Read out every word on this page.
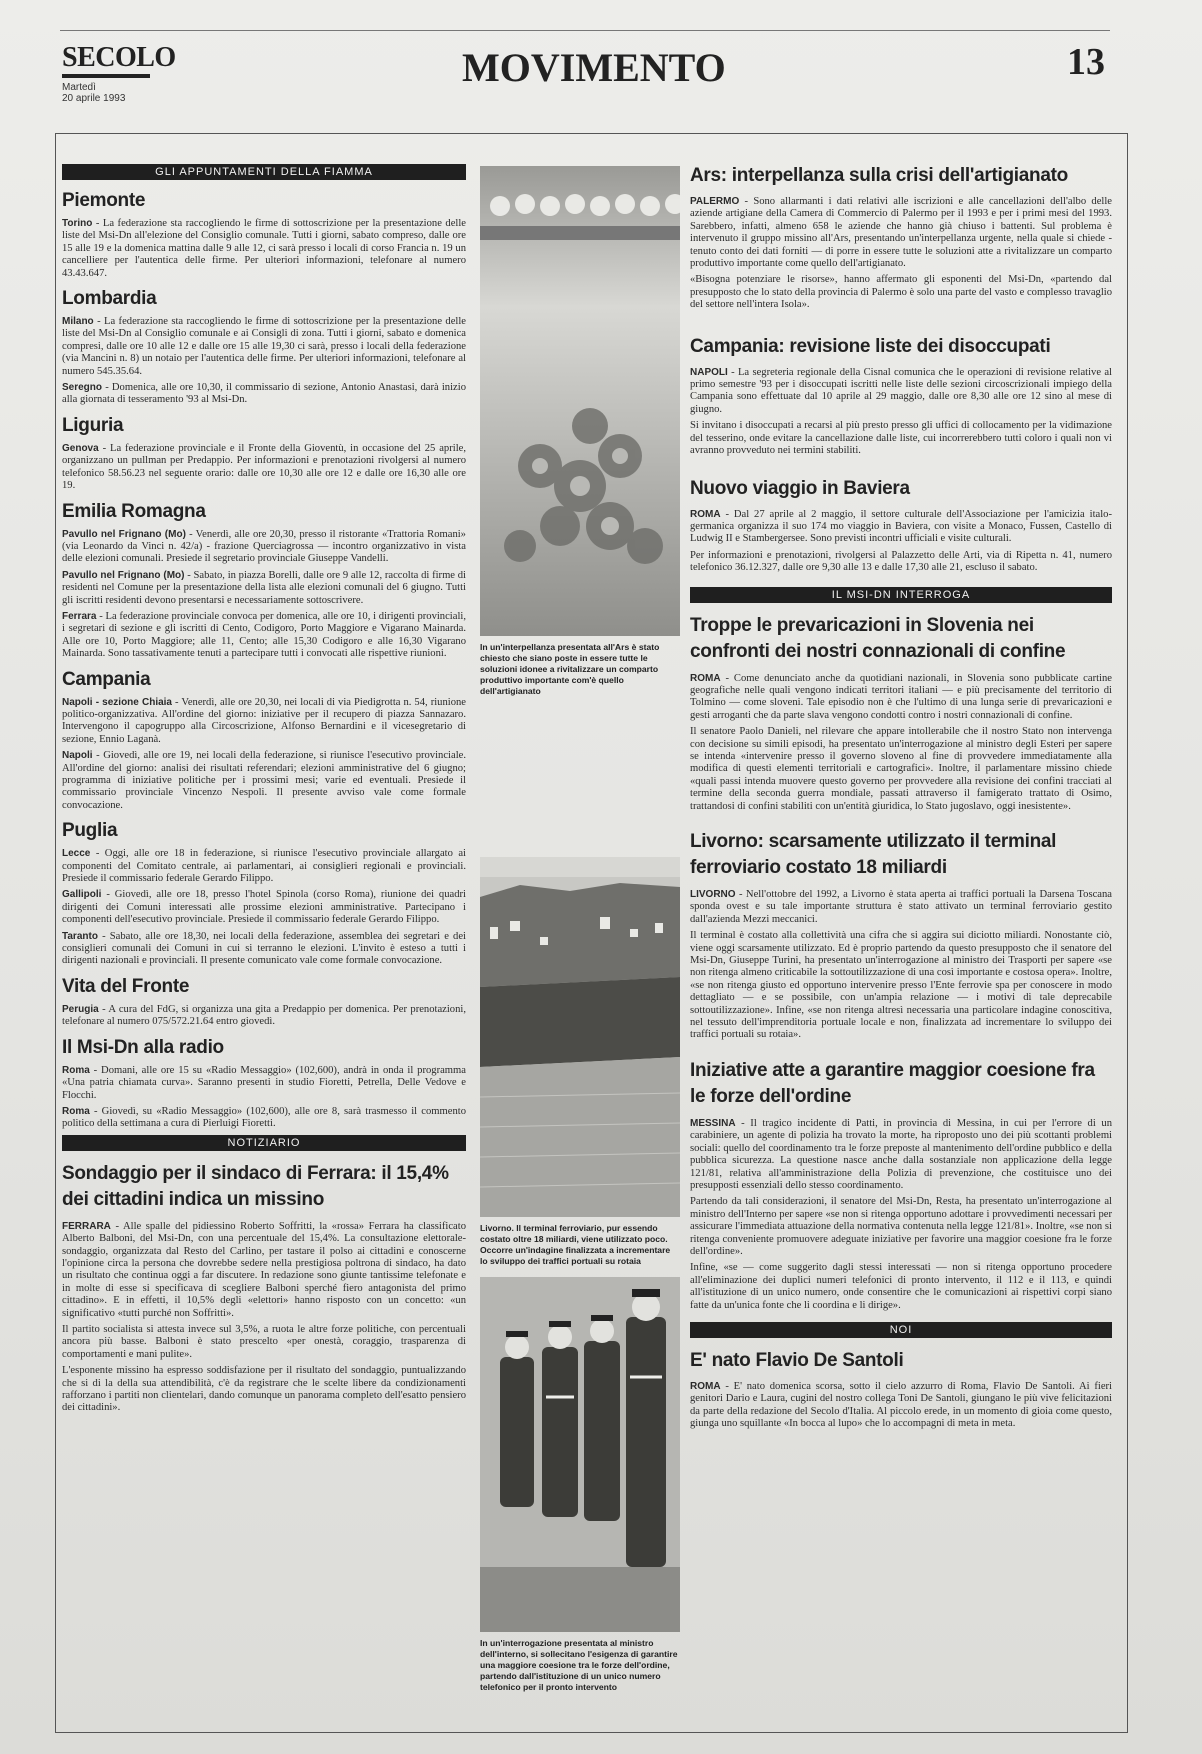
SECOLO
Martedì
20 aprile 1993
MOVIMENTO	13
GLI APPUNTAMENTI DELLA FIAMMA
Piemonte

Torino - La federazione sta raccogliendo le firme di sottoscrizione per la presentazione delle liste del Msi-Dn all'elezione del Consiglio comunale. Tutti i giorni, sabato compreso, dalle ore 15 alle 19 e la domenica mattina dalle 9 alle 12, ci sarà presso i locali di corso Francia n. 19 un cancelliere per l'autentica delle firme. Per ulteriori informazioni, telefonare al numero 43.43.647.

Lombardia

Milano - La federazione sta raccogliendo le firme di sottoscrizione per la presentazione delle liste del Msi-Dn al Consiglio comunale e ai Consigli di zona. Tutti i giorni, sabato e domenica compresi, dalle ore 10 alle 12 e dalle ore 15 alle 19,30 ci sarà, presso i locali della federazione (via Mancini n. 8) un notaio per l'autentica delle firme. Per ulteriori informazioni, telefonare al numero 545.35.64.

Seregno - Domenica, alle ore 10,30, il commissario di sezione, Antonio Anastasi, darà inizio alla giornata di tesseramento '93 al Msi-Dn.

Liguria

Genova - La federazione provinciale e il Fronte della Gioventù, in occasione del 25 aprile, organizzano un pullman per Predappio. Per informazioni e prenotazioni rivolgersi al numero telefonico 58.56.23 nel seguente orario: dalle ore 10,30 alle ore 12 e dalle ore 16,30 alle ore 19.

Emilia Romagna

Pavullo nel Frignano (Mo) - Venerdì, alle ore 20,30, presso il ristorante «Trattoria Romani» (via Leonardo da Vinci n. 42/a) - frazione Querciagrossa — incontro organizzativo in vista delle elezioni comunali. Presiede il segretario provinciale Giuseppe Vandelli.

Pavullo nel Frignano (Mo) - Sabato, in piazza Borelli, dalle ore 9 alle 12, raccolta di firme di residenti nel Comune per la presentazione della lista alle elezioni comunali del 6 giugno. Tutti gli iscritti residenti devono presentarsi e necessariamente sottoscrivere.

Ferrara - La federazione provinciale convoca per domenica, alle ore 10, i dirigenti provinciali, i segretari di sezione e gli iscritti di Cento, Codigoro, Porto Maggiore e Vigarano Mainarda. Alle ore 10, Porto Maggiore; alle 11, Cento; alle 15,30 Codigoro e alle 16,30 Vigarano Mainarda. Sono tassativamente tenuti a partecipare tutti i convocati alle rispettive riunioni.

Campania

Napoli - sezione Chiaia - Venerdì, alle ore 20,30, nei locali di via Piedigrotta n. 54, riunione politico-organizzativa. All'ordine del giorno: iniziative per il recupero di piazza Sannazaro. Intervengono il capogruppo alla Circoscrizione, Alfonso Bernardini e il vicesegretario di sezione, Ennio Laganà.

Napoli - Giovedì, alle ore 19, nei locali della federazione, si riunisce l'esecutivo provinciale. All'ordine del giorno: analisi dei risultati referendari; elezioni amministrative del 6 giugno; programma di iniziative politiche per i prossimi mesi; varie ed eventuali. Presiede il commissario provinciale Vincenzo Nespoli. Il presente avviso vale come formale convocazione.

Puglia

Lecce - Oggi, alle ore 18 in federazione, si riunisce l'esecutivo provinciale allargato ai componenti del Comitato centrale, ai parlamentari, ai consiglieri regionali e provinciali. Presiede il commissario federale Gerardo Filippo.

Gallipoli - Giovedì, alle ore 18, presso l'hotel Spinola (corso Roma), riunione dei quadri dirigenti dei Comuni interessati alle prossime elezioni amministrative. Partecipano i componenti dell'esecutivo provinciale. Presiede il commissario federale Gerardo Filippo.

Taranto - Sabato, alle ore 18,30, nei locali della federazione, assemblea dei segretari e dei consiglieri comunali dei Comuni in cui si terranno le elezioni. L'invito è esteso a tutti i dirigenti nazionali e provinciali. Il presente comunicato vale come formale convocazione.

Vita del Fronte

Perugia - A cura del FdG, si organizza una gita a Predappio per domenica. Per prenotazioni, telefonare al numero 075/572.21.64 entro giovedì.

Il Msi-Dn alla radio

Roma - Domani, alle ore 15 su «Radio Messaggio» (102,600), andrà in onda il programma «Una patria chiamata curva». Saranno presenti in studio Fioretti, Petrella, Delle Vedove e Flocchi.

Roma - Giovedì, su «Radio Messaggio» (102,600), alle ore 8, sarà trasmesso il commento politico della settimana a cura di Pierluigi Fioretti.

NOTIZIARIO
Sondaggio per il sindaco di Ferrara: il 15,4% dei cittadini indica un missino

FERRARA - Alle spalle del pidiessino Roberto Soffritti, la «rossa» Ferrara ha classificato Alberto Balboni, del Msi-Dn, con una percentuale del 15,4%. La consultazione elettorale-sondaggio, organizzata dal Resto del Carlino, per tastare il polso ai cittadini e conoscerne l'opinione circa la persona che dovrebbe sedere nella prestigiosa poltrona di sindaco, ha dato un risultato che continua oggi a far discutere. In redazione sono giunte tantissime telefonate e in molte di esse si specificava di scegliere Balboni sperché fiero antagonista del primo cittadino». E in effetti, il 10,5% degli «elettori» hanno risposto con un concetto: «un significativo «tutti purché non Soffritti».

Il partito socialista si attesta invece sul 3,5%, a ruota le altre forze politiche, con percentuali ancora più basse. Balboni è stato prescelto «per onestà, coraggio, trasparenza di comportamenti e mani pulite».

L'esponente missino ha espresso soddisfazione per il risultato del sondaggio, puntualizzando che si di la della sua attendibilità, c'è da registrare che le scelte libere da condizionamenti rafforzano i partiti non clientelari, dando comunque un panorama completo dell'esatto pensiero dei cittadini».

In un'interpellanza presentata all'Ars è stato chiesto che siano poste in essere tutte le soluzioni idonee a rivitalizzare un comparto produttivo importante com'è quello dell'artigianato

Livorno. Il terminal ferroviario, pur essendo costato oltre 18 miliardi, viene utilizzato poco. Occorre un'indagine finalizzata a incrementare lo sviluppo dei traffici portuali su rotaia

In un'interrogazione presentata al ministro dell'interno, si sollecitano l'esigenza di garantire una maggiore coesione tra le forze dell'ordine, partendo dall'istituzione di un unico numero telefonico per il pronto intervento

Ars: interpellanza sulla crisi dell'artigianato

PALERMO - Sono allarmanti i dati relativi alle iscrizioni e alle cancellazioni dell'albo delle aziende artigiane della Camera di Commercio di Palermo per il 1993 e per i primi mesi del 1993. Sarebbero, infatti, almeno 658 le aziende che hanno già chiuso i battenti. Sul problema è intervenuto il gruppo missino all'Ars, presentando un'interpellanza urgente, nella quale si chiede - tenuto conto dei dati forniti — di porre in essere tutte le soluzioni atte a rivitalizzare un comparto produttivo importante come quello dell'artigianato.

«Bisogna potenziare le risorse», hanno affermato gli esponenti del Msi-Dn, «partendo dal presupposto che lo stato della provincia di Palermo è solo una parte del vasto e complesso travaglio del settore nell'intera Isola».

Campania: revisione liste dei disoccupati

NAPOLI - La segreteria regionale della Cisnal comunica che le operazioni di revisione relative al primo semestre '93 per i disoccupati iscritti nelle liste delle sezioni circoscrizionali impiego della Campania sono effettuate dal 10 aprile al 29 maggio, dalle ore 8,30 alle ore 12 sino al mese di giugno.

Si invitano i disoccupati a recarsi al più presto presso gli uffici di collocamento per la vidimazione del tesserino, onde evitare la cancellazione dalle liste, cui incorrerebbero tutti coloro i quali non vi avranno provveduto nei termini stabiliti.

Nuovo viaggio in Baviera

ROMA - Dal 27 aprile al 2 maggio, il settore culturale dell'Associazione per l'amicizia italo-germanica organizza il suo 174 mo viaggio in Baviera, con visite a Monaco, Fussen, Castello di Ludwig II e Stambergersee. Sono previsti incontri ufficiali e visite culturali.

Per informazioni e prenotazioni, rivolgersi al Palazzetto delle Arti, via di Ripetta n. 41, numero telefonico 36.12.327, dalle ore 9,30 alle 13 e dalle 17,30 alle 21, escluso il sabato.

IL MSI-DN INTERROGA
Troppe le prevaricazioni in Slovenia nei confronti dei nostri connazionali di confine

ROMA - Come denunciato anche da quotidiani nazionali, in Slovenia sono pubblicate cartine geografiche nelle quali vengono indicati territori italiani — e più precisamente del territorio di Tolmino — come sloveni. Tale episodio non è che l'ultimo di una lunga serie di prevaricazioni e gesti arroganti che da parte slava vengono condotti contro i nostri connazionali di confine.

Il senatore Paolo Danieli, nel rilevare che appare intollerabile che il nostro Stato non intervenga con decisione su simili episodi, ha presentato un'interrogazione al ministro degli Esteri per sapere se intenda «intervenire presso il governo sloveno al fine di provvedere immediatamente alla modifica di questi elementi territoriali e cartografici». Inoltre, il parlamentare missino chiede «quali passi intenda muovere questo governo per provvedere alla revisione dei confini tracciati al termine della seconda guerra mondiale, passati attraverso il famigerato trattato di Osimo, trattandosi di confini stabiliti con un'entità giuridica, lo Stato jugoslavo, oggi inesistente».

Livorno: scarsamente utilizzato il terminal ferroviario costato 18 miliardi

LIVORNO - Nell'ottobre del 1992, a Livorno è stata aperta ai traffici portuali la Darsena Toscana sponda ovest e su tale importante struttura è stato attivato un terminal ferroviario gestito dall'azienda Mezzi meccanici.

Il terminal è costato alla collettività una cifra che si aggira sui diciotto miliardi. Nonostante ciò, viene oggi scarsamente utilizzato. Ed è proprio partendo da questo presupposto che il senatore del Msi-Dn, Giuseppe Turini, ha presentato un'interrogazione al ministro dei Trasporti per sapere «se non ritenga almeno criticabile la sottoutilizzazione di una così importante e costosa opera». Inoltre, «se non ritenga giusto ed opportuno intervenire presso l'Ente ferrovie spa per conoscere in modo dettagliato — e se possibile, con un'ampia relazione — i motivi di tale deprecabile sottoutilizzazione». Infine, «se non ritenga altresì necessaria una particolare indagine conoscitiva, nel tessuto dell'imprenditoria portuale locale e non, finalizzata ad incrementare lo sviluppo dei traffici portuali su rotaia».

Iniziative atte a garantire maggior coesione fra le forze dell'ordine

MESSINA - Il tragico incidente di Patti, in provincia di Messina, in cui per l'errore di un carabiniere, un agente di polizia ha trovato la morte, ha riproposto uno dei più scottanti problemi sociali: quello del coordinamento tra le forze preposte al mantenimento dell'ordine pubblico e della pubblica sicurezza. La questione nasce anche dalla sostanziale non applicazione della legge 121/81, relativa all'amministrazione della Polizia di prevenzione, che costituisce uno dei presupposti essenziali dello stesso coordinamento.

Partendo da tali considerazioni, il senatore del Msi-Dn, Resta, ha presentato un'interrogazione al ministro dell'Interno per sapere «se non si ritenga opportuno adottare i provvedimenti necessari per assicurare l'immediata attuazione della normativa contenuta nella legge 121/81». Inoltre, «se non si ritenga conveniente promuovere adeguate iniziative per favorire una maggior coesione fra le forze dell'ordine».

Infine, «se — come suggerito dagli stessi interessati — non si ritenga opportuno procedere all'eliminazione dei duplici numeri telefonici di pronto intervento, il 112 e il 113, e quindi all'istituzione di un unico numero, onde consentire che le comunicazioni ai rispettivi corpi siano fatte da un'unica fonte che li coordina e li dirige».

NOI
E' nato Flavio De Santoli

ROMA - E' nato domenica scorsa, sotto il cielo azzurro di Roma, Flavio De Santoli. Ai fieri genitori Dario e Laura, cugini del nostro collega Toni De Santoli, giungano le più vive felicitazioni da parte della redazione del Secolo d'Italia. Al piccolo erede, in un momento di gioia come questo, giunga uno squillante «In bocca al lupo» che lo accompagni di meta in meta.
